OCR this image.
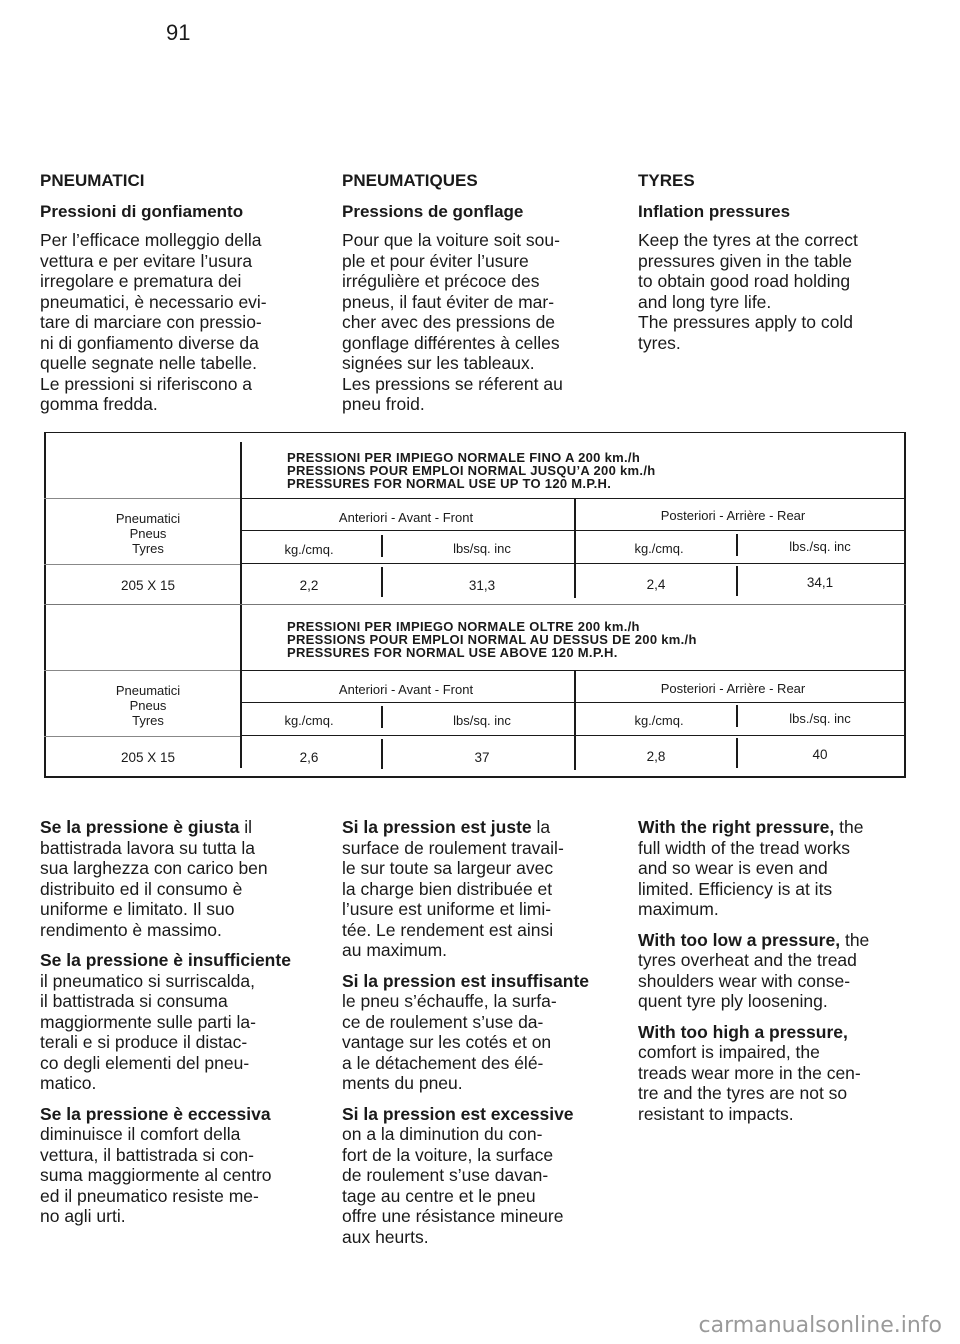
91
PNEUMATICI
Pressioni di gonfiamento

Per l’efficace molleggio della
vettura e per evitare l’usura
irregolare e prematura dei
pneumatici, è necessario evi-
tare di marciare con pressio-
ni di gonfiamento diverse da
quelle segnate nelle tabelle.
Le pressioni si riferiscono a
gomma fredda.

PNEUMATIQUES
Pressions de gonflage

Pour que la voiture soit sou-
ple et pour éviter l’usure
irrégulière et précoce des
pneus, il faut éviter de mar-
cher avec des pressions de
gonflage différentes à celles
signées sur les tableaux.
Les pressions se réferent au
pneu froid.

TYRES
Inflation pressures

Keep the tyres at the correct
pressures given in the table
to obtain good road holding
and long tyre life.
The pressures apply to cold
tyres.

PRESSIONI PER IMPIEGO NORMALE FINO A 200 km./h
PRESSIONS POUR EMPLOI NORMAL JUSQU’A 200 km./h
PRESSURES FOR NORMAL USE UP TO 120 M.P.H.
Pneumatici
Pneus
Tyres
Anteriori - Avant - Front	Posteriori - Arrière - Rear
kg./cmq.	lbs/sq. inc	kg./cmq.	lbs./sq. inc
205 X 15	2,2	31,3	2,4	34,1
PRESSIONI PER IMPIEGO NORMALE OLTRE 200 km./h
PRESSIONS POUR EMPLOI NORMAL AU DESSUS DE 200 km./h
PRESSURES FOR NORMAL USE ABOVE 120 M.P.H.
Pneumatici
Pneus
Tyres
Anteriori - Avant - Front	Posteriori - Arrière - Rear
kg./cmq.	lbs/sq. inc	kg./cmq.	lbs./sq. inc
205 X 15	2,6	37	2,8	40

Se la pressione è giusta il
battistrada lavora su tutta la
sua larghezza con carico ben
distribuito ed il consumo è
uniforme e limitato. Il suo
rendimento è massimo.

Se la pressione è insufficiente
il pneumatico si surriscalda,
il battistrada si consuma
maggiormente sulle parti la-
terali e si produce il distac-
co degli elementi del pneu-
matico.

Se la pressione è eccessiva
diminuisce il comfort della
vettura, il battistrada si con-
suma maggiormente al centro
ed il pneumatico resiste me-
no agli urti.

Si la pression est juste la
surface de roulement travail-
le sur toute sa largeur avec
la charge bien distribuée et
l’usure est uniforme et limi-
tée. Le rendement est ainsi
au maximum.

Si la pression est insuffisante
le pneu s’échauffe, la surfa-
ce de roulement s’use da-
vantage sur les cotés et on
a le détachement des élé-
ments du pneu.

Si la pression est excessive
on a la diminution du con-
fort de la voiture, la surface
de roulement s’use davan-
tage au centre et le pneu
offre une résistance mineure
aux heurts.

With the right pressure, the
full width of the tread works
and so wear is even and
limited. Efficiency is at its
maximum.

With too low a pressure, the
tyres overheat and the tread
shoulders wear with conse-
quent tyre ply loosening.

With too high a pressure,
comfort is impaired, the
treads wear more in the cen-
tre and the tyres are not so
resistant to impacts.

carmanualsonline.info
